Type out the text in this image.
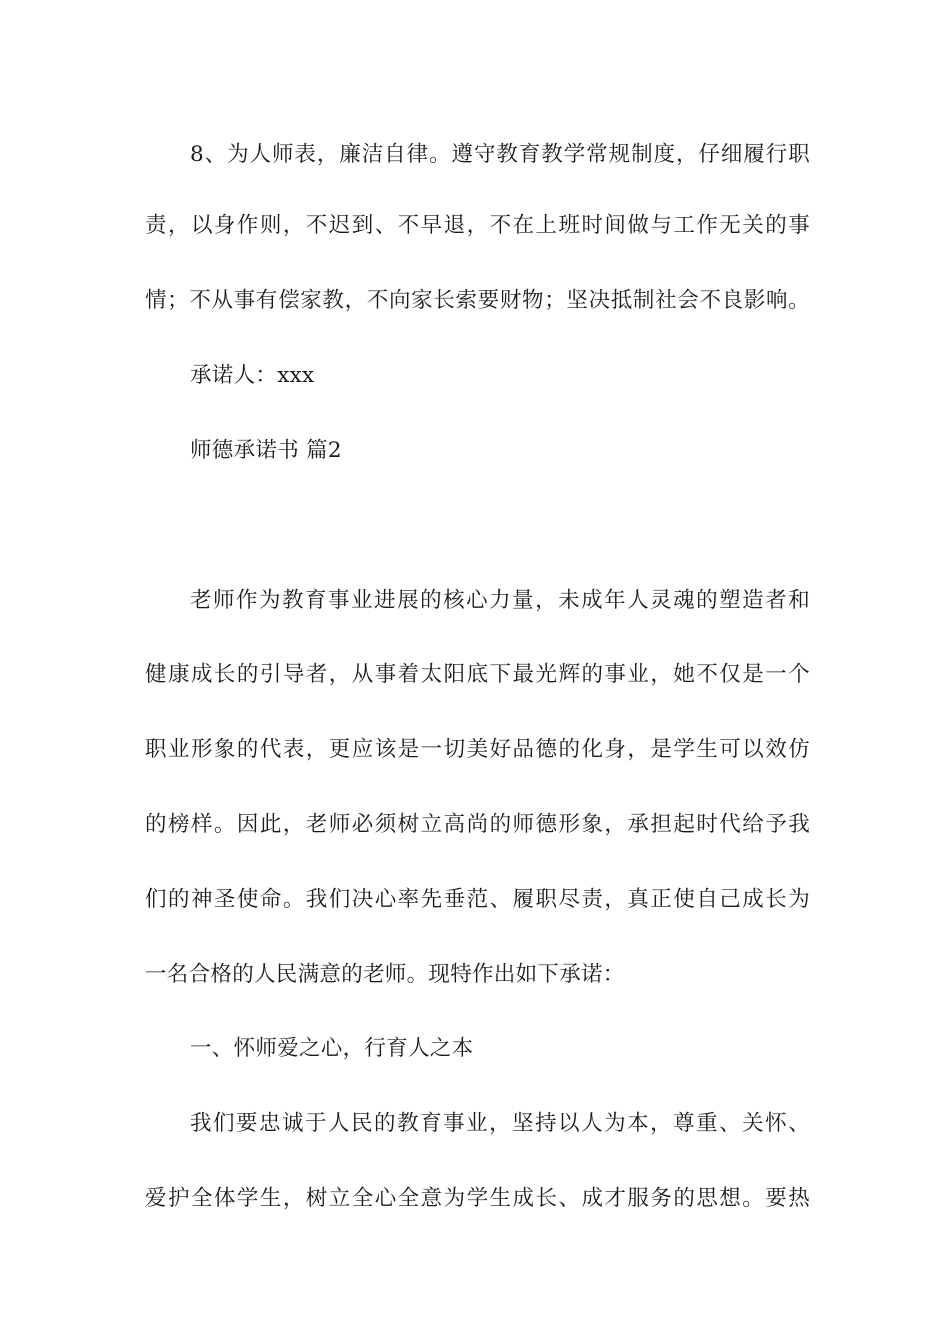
8、为人师表，廉洁自律。遵守教育教学常规制度，仔细履行职
责，以身作则，不迟到、不早退，不在上班时间做与工作无关的事
情；不从事有偿家教，不向家长索要财物；坚决抵制社会不良影响。
承诺人：xxx
师德承诺书 篇2
老师作为教育事业进展的核心力量，未成年人灵魂的塑造者和
健康成长的引导者，从事着太阳底下最光辉的事业，她不仅是一个
职业形象的代表，更应该是一切美好品德的化身，是学生可以效仿
的榜样。因此，老师必须树立高尚的师德形象，承担起时代给予我
们的神圣使命。我们决心率先垂范、履职尽责，真正使自己成长为
一名合格的人民满意的老师。现特作出如下承诺：
一、怀师爱之心，行育人之本
我们要忠诚于人民的教育事业，坚持以人为本，尊重、关怀、
爱护全体学生，树立全心全意为学生成长、成才服务的思想。要热
